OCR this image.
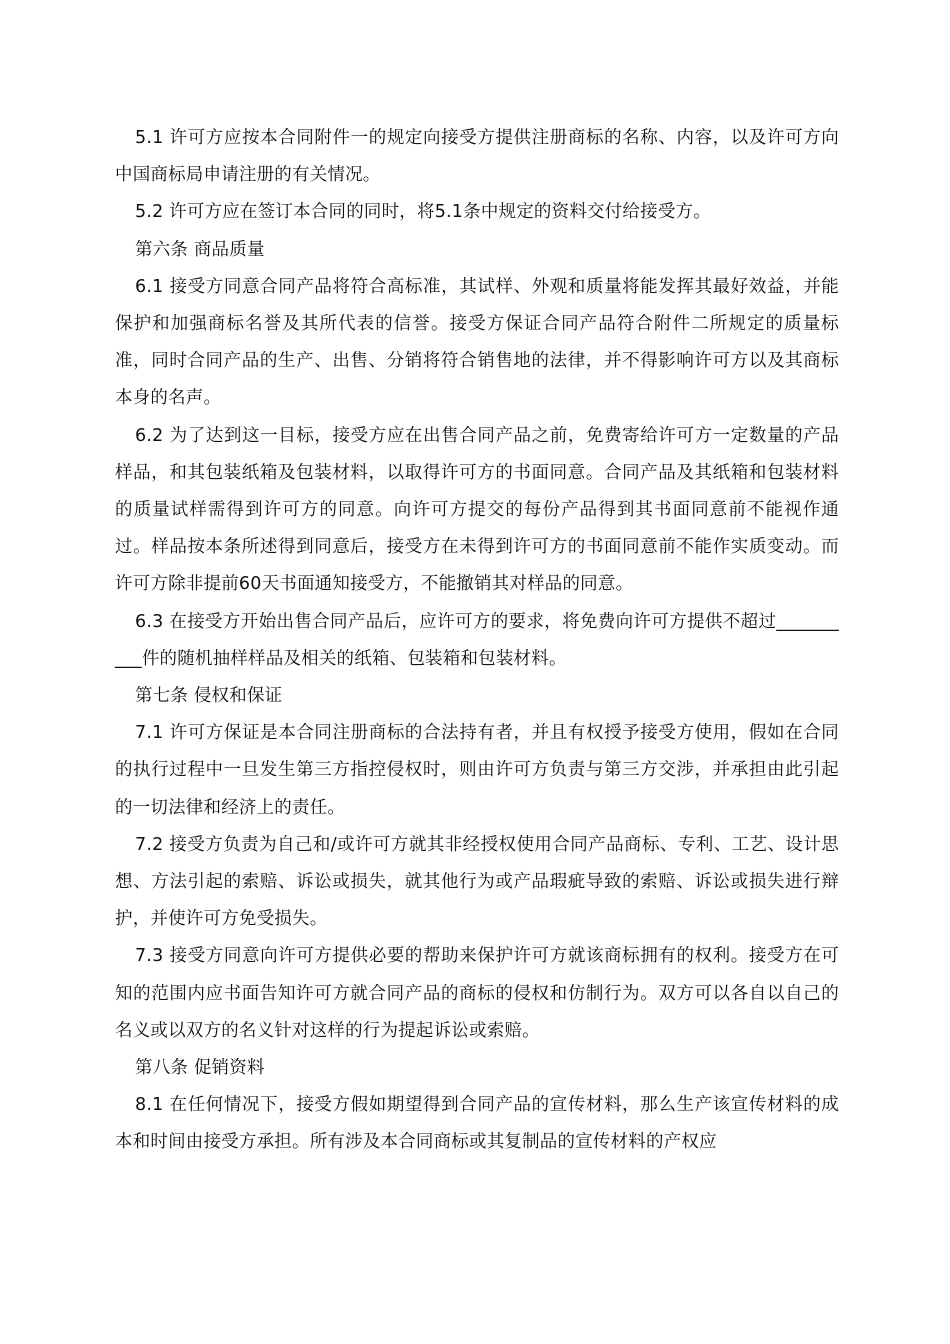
5.1 许可方应按本合同附件一的规定向接受方提供注册商标的名称、内容，以及许可方向中国商标局申请注册的有关情况。

5.2 许可方应在签订本合同的同时，将5.1条中规定的资料交付给接受方。

第六条 商品质量

6.1 接受方同意合同产品将符合高标准，其试样、外观和质量将能发挥其最好效益，并能保护和加强商标名誉及其所代表的信誉。接受方保证合同产品符合附件二所规定的质量标准，同时合同产品的生产、出售、分销将符合销售地的法律，并不得影响许可方以及其商标本身的名声。

6.2 为了达到这一目标，接受方应在出售合同产品之前，免费寄给许可方一定数量的产品样品，和其包装纸箱及包装材料，以取得许可方的书面同意。合同产品及其纸箱和包装材料的质量试样需得到许可方的同意。向许可方提交的每份产品得到其书面同意前不能视作通过。样品按本条所述得到同意后，接受方在未得到许可方的书面同意前不能作实质变动。而许可方除非提前60天书面通知接受方，不能撤销其对样品的同意。

6.3 在接受方开始出售合同产品后，应许可方的要求，将免费向许可方提供不超过__________件的随机抽样样品及相关的纸箱、包装箱和包装材料。

第七条 侵权和保证

7.1 许可方保证是本合同注册商标的合法持有者，并且有权授予接受方使用，假如在合同的执行过程中一旦发生第三方指控侵权时，则由许可方负责与第三方交涉，并承担由此引起的一切法律和经济上的责任。

7.2 接受方负责为自己和/或许可方就其非经授权使用合同产品商标、专利、工艺、设计思想、方法引起的索赔、诉讼或损失，就其他行为或产品瑕疵导致的索赔、诉讼或损失进行辩护，并使许可方免受损失。

7.3 接受方同意向许可方提供必要的帮助来保护许可方就该商标拥有的权利。接受方在可知的范围内应书面告知许可方就合同产品的商标的侵权和仿制行为。双方可以各自以自己的名义或以双方的名义针对这样的行为提起诉讼或索赔。

第八条 促销资料

8.1 在任何情况下，接受方假如期望得到合同产品的宣传材料，那么生产该宣传材料的成本和时间由接受方承担。所有涉及本合同商标或其复制品的宣传材料的产权应
